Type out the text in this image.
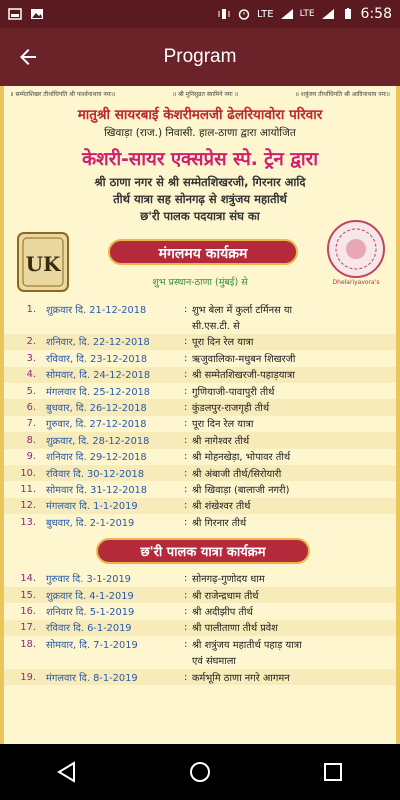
LTE	LTE	6:58
Program
॥ सम्मेतशिखर तीर्थाधिपति श्री पार्श्वनाथाय नमः॥	॥ श्री मुनिसुव्रत स्वामिने नमः ॥	॥ शत्रुंजय तीर्थाधिपति श्री आदिनाथाय नमः॥
मातुश्री सायरबाई केशरीमलजी ढेलरियावोरा परिवार
खिवाड़ा (राज.) निवासी. हाल-ठाणा द्वारा आयोजित
केशरी-सायर एक्सप्रेस स्पे. ट्रेन द्वारा
श्री ठाणा नगर से श्री सम्मेतशिखरजी, गिरनार आदि
तीर्थ यात्रा सह सोनगढ़ से शत्रुंजय महातीर्थ
छ'री पालक पदयात्रा संघ का
UK	मंगलमय कार्यक्रम
Dhelariyavora's
शुभ प्रस्थान-ठाणा (मुंबई) से
1.	शुक्रवार दि. 21-12-2018	: शुभ बेला में कुर्ला टर्मिनस या
सी.एस.टी. से
2.	शनिवार, दि. 22-12-2018	: पूरा दिन रेल यात्रा
3.	रविवार, दि. 23-12-2018	: ऋजुवालिका-मधुबन शिखरजी
4.	सोमवार, दि. 24-12-2018	: श्री सम्मेतशिखरजी-पहाड़यात्रा
5.	मंगलवार दि. 25-12-2018	: गुणियाजी-पावापुरी तीर्थ
6.	बुधवार, दि. 26-12-2018	: कुंडलपुर-राजगृही तीर्थ
7.	गुरुवार, दि. 27-12-2018	: पूरा दिन रेल यात्रा
8.	शुक्रवार, दि. 28-12-2018	: श्री नागेश्वर तीर्थ
9.	शनिवार दि. 29-12-2018	: श्री मोहनखेड़ा, भोपावर तीर्थ
10.	रविवार दि. 30-12-2018	: श्री अंबाजी तीर्थ/सिरोयारी
11.	सोमवार दि. 31-12-2018	: श्री खिवाड़ा (बालाजी नगरी)
12.	मंगलवार दि. 1-1-2019	: श्री शंखेश्वर तीर्थ
13.	बुधवार, दि. 2-1-2019	: श्री गिरनार तीर्थ
छ'री पालक यात्रा कार्यक्रम
14.	गुरुवार दि. 3-1-2019	: सोनगढ़-गुणोदय धाम
15.	शुक्रवार दि. 4-1-2019	: श्री राजेन्द्रधाम तीर्थ
16.	शनिवार दि. 5-1-2019	: श्री अदीझीप तीर्थ
17.	रविवार दि. 6-1-2019	: श्री पालीताणा तीर्थ प्रवेश
18.	सोमवार, दि. 7-1-2019	: श्री शत्रुंजय महातीर्थ पहाड़ यात्रा
एवं संघमाला
19.	मंगलवार दि. 8-1-2019	: कर्मभूमि ठाणा नगरे आगमन
